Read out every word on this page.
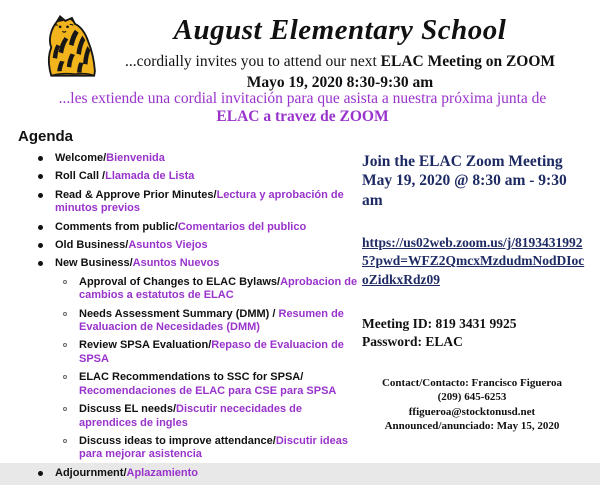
August Elementary School
...cordially invites you to attend our next ELAC Meeting on ZOOM
Mayo 19, 2020 8:30-9:30 am
...les extiende una cordial invitación para que asista a nuestra próxima junta de
ELAC a travez de ZOOM
Agenda
Welcome/Bienvenida
Roll Call /Llamada de Lista
Read & Approve Prior Minutes/Lectura y aprobación de minutos previos
Comments from public/Comentarios del publico
Old Business/Asuntos Viejos
New Business/Asuntos Nuevos
Approval of Changes to ELAC Bylaws/Aprobacion de cambios a estatutos de ELAC
Needs Assessment Summary (DMM) / Resumen de Evaluacion de Necesidades (DMM)
Review SPSA Evaluation/Repaso de Evaluacion de SPSA
ELAC Recommendations to SSC for SPSA/ Recomendaciones de ELAC para CSE para SPSA
Discuss EL needs/Discutir nececidades de aprendices de ingles
Discuss ideas to improve attendance/Discutir ideas para mejorar asistencia
Adjournment/Aplazamiento
Join the ELAC Zoom Meeting May 19, 2020 @ 8:30 am - 9:30 am
https://us02web.zoom.us/j/81934319925?pwd=WFZ2QmcxMzdudmNodDIocoZidkxRdz09
Meeting ID: 819 3431 9925
Password: ELAC
Contact/Contacto: Francisco Figueroa
(209) 645-6253
ffigueroa@stocktonusd.net
Announced/anunciado: May 15, 2020
